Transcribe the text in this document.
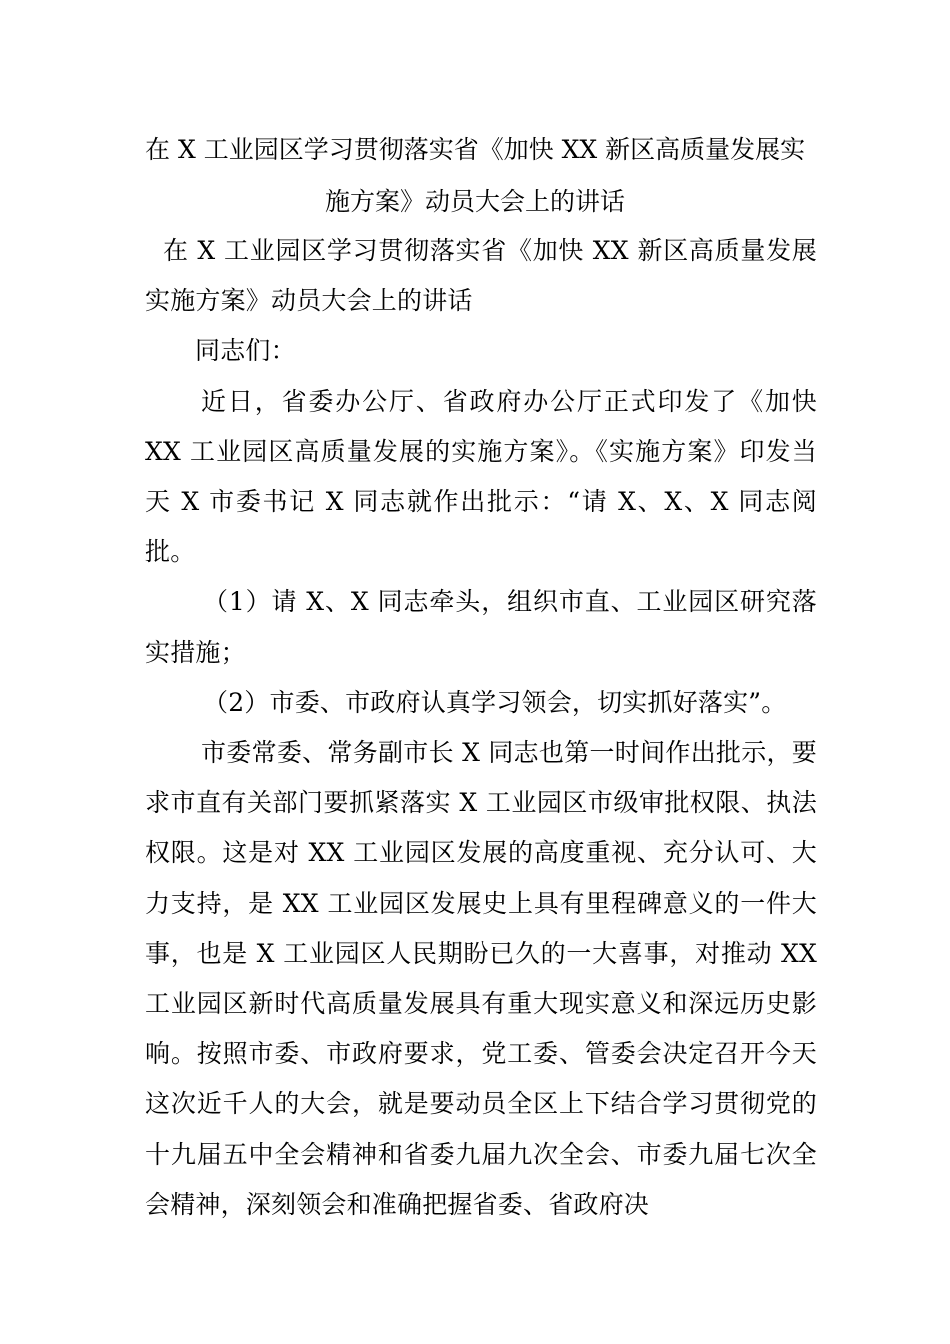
在 X 工业园区学习贯彻落实省《加快 XX 新区高质量发展实
施方案》动员大会上的讲话

在 X 工业园区学习贯彻落实省《加快 XX 新区高质量发展实施方案》动员大会上的讲话

同志们：

近日，省委办公厅、省政府办公厅正式印发了《加快 XX 工业园区高质量发展的实施方案》。《实施方案》印发当天 X 市委书记 X 同志就作出批示：“请 X、X、X 同志阅批。

（1）请 X、X 同志牵头，组织市直、工业园区研究落实措施；

（2）市委、市政府认真学习领会，切实抓好落实”。

市委常委、常务副市长 X 同志也第一时间作出批示，要求市直有关部门要抓紧落实 X 工业园区市级审批权限、执法权限。这是对 XX 工业园区发展的高度重视、充分认可、大力支持，是 XX 工业园区发展史上具有里程碑意义的一件大事，也是 X 工业园区人民期盼已久的一大喜事，对推动 XX 工业园区新时代高质量发展具有重大现实意义和深远历史影响。按照市委、市政府要求，党工委、管委会决定召开今天这次近千人的大会，就是要动员全区上下结合学习贯彻党的十九届五中全会精神和省委九届九次全会、市委九届七次全会精神，深刻领会和准确把握省委、省政府决
